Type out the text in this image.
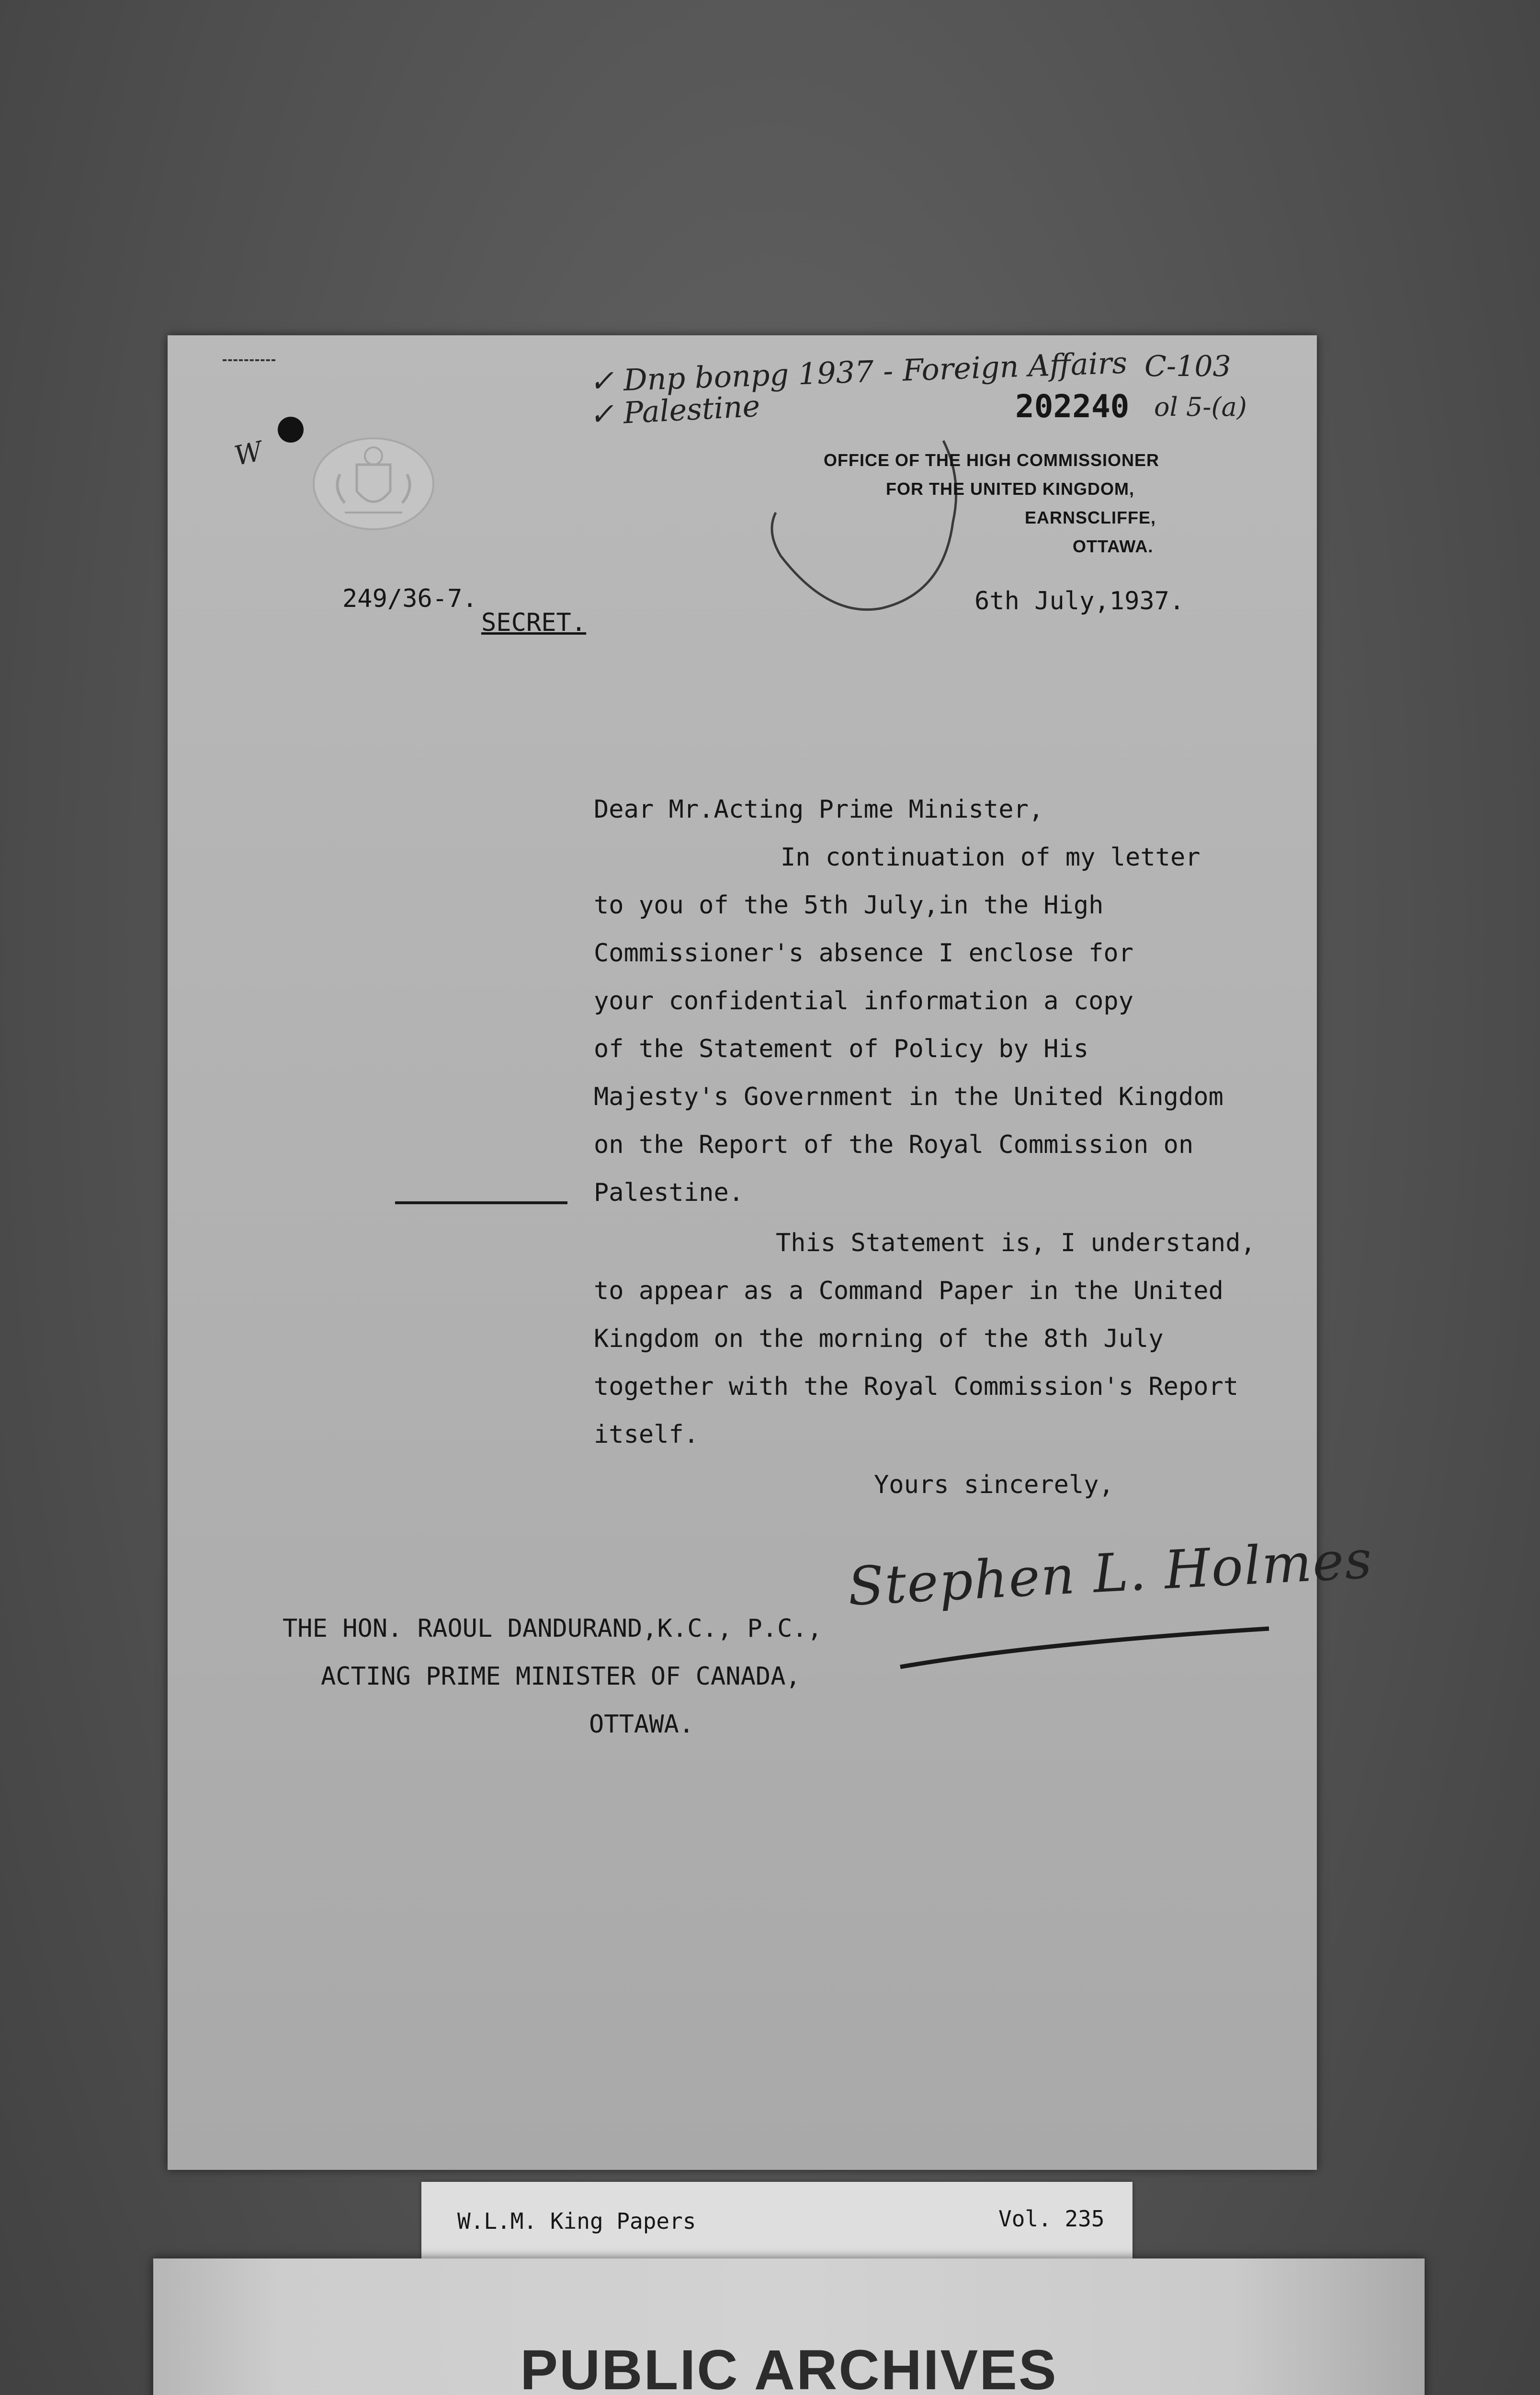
W
✓ Dnp bonpg 1937 - Foreign Affairs C-103
✓ Palestine	202240 ol 5-(a)
OFFICE OF THE HIGH COMMISSIONER
FOR THE UNITED KINGDOM,
EARNSCLIFFE,
OTTAWA.
249/36-7.
SECRET.
6th July,1937.
Dear Mr.Acting Prime Minister,
In continuation of my letter
to you of the 5th July,in the High
Commissioner's absence I enclose for
your confidential information a copy
of the Statement of Policy by His
Majesty's Government in the United Kingdom
on the Report of the Royal Commission on
Palestine.
This Statement is, I understand,
to appear as a Command Paper in the United
Kingdom on the morning of the 8th July
together with the Royal Commission's Report
itself.
Yours sincerely,
Stephen L. Holmes
THE HON. RAOUL DANDURAND,K.C., P.C.,
ACTING PRIME MINISTER OF CANADA,
OTTAWA.
W.L.M. King Papers	Vol. 235
PUBLIC ARCHIVES
